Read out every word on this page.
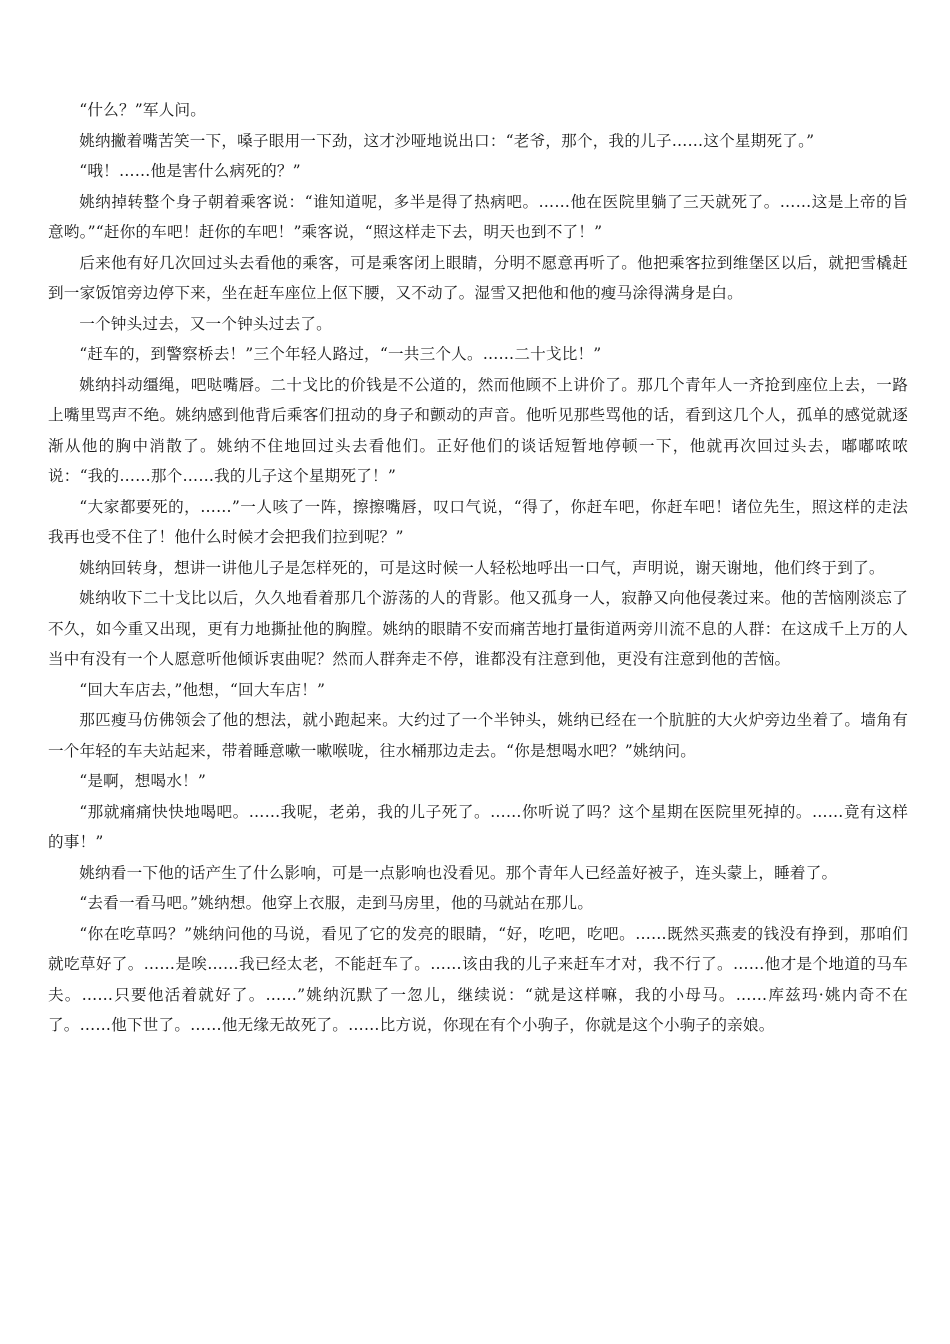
“什么？”军人问。

姚纳撇着嘴苦笑一下，嗓子眼用一下劲，这才沙哑地说出口：“老爷，那个，我的儿子……这个星期死了。”

“哦！……他是害什么病死的？”

姚纳掉转整个身子朝着乘客说：“谁知道呢，多半是得了热病吧。……他在医院里躺了三天就死了。……这是上帝的旨意哟。”“赶你的车吧！赶你的车吧！”乘客说，“照这样走下去，明天也到不了！”

后来他有好几次回过头去看他的乘客，可是乘客闭上眼睛，分明不愿意再听了。他把乘客拉到维堡区以后，就把雪橇赶到一家饭馆旁边停下来，坐在赶车座位上伛下腰，又不动了。湿雪又把他和他的瘦马涂得满身是白。

一个钟头过去，又一个钟头过去了。

“赶车的，到警察桥去！”三个年轻人路过，“一共三个人。……二十戈比！”

姚纳抖动缰绳，吧哒嘴唇。二十戈比的价钱是不公道的，然而他顾不上讲价了。那几个青年人一齐抢到座位上去，一路上嘴里骂声不绝。姚纳感到他背后乘客们扭动的身子和颤动的声音。他听见那些骂他的话，看到这几个人，孤单的感觉就逐渐从他的胸中消散了。姚纳不住地回过头去看他们。正好他们的谈话短暂地停顿一下，他就再次回过头去，嘟嘟哝哝说：“我的……那个……我的儿子这个星期死了！”

“大家都要死的，……”一人咳了一阵，擦擦嘴唇，叹口气说，“得了，你赶车吧，你赶车吧！诸位先生，照这样的走法我再也受不住了！他什么时候才会把我们拉到呢？”

姚纳回转身，想讲一讲他儿子是怎样死的，可是这时候一人轻松地呼出一口气，声明说，谢天谢地，他们终于到了。

姚纳收下二十戈比以后，久久地看着那几个游荡的人的背影。他又孤身一人，寂静又向他侵袭过来。他的苦恼刚淡忘了不久，如今重又出现，更有力地撕扯他的胸膛。姚纳的眼睛不安而痛苦地打量街道两旁川流不息的人群：在这成千上万的人当中有没有一个人愿意听他倾诉衷曲呢？然而人群奔走不停，谁都没有注意到他，更没有注意到他的苦恼。

“回大车店去，”他想，“回大车店！”

那匹瘦马仿佛领会了他的想法，就小跑起来。大约过了一个半钟头，姚纳已经在一个肮脏的大火炉旁边坐着了。墙角有一个年轻的车夫站起来，带着睡意嗽一嗽喉咙，往水桶那边走去。“你是想喝水吧？”姚纳问。

“是啊，想喝水！”

“那就痛痛快快地喝吧。……我呢，老弟，我的儿子死了。……你听说了吗？这个星期在医院里死掉的。……竟有这样的事！”

姚纳看一下他的话产生了什么影响，可是一点影响也没看见。那个青年人已经盖好被子，连头蒙上，睡着了。

“去看一看马吧。”姚纳想。他穿上衣服，走到马房里，他的马就站在那儿。

“你在吃草吗？”姚纳问他的马说，看见了它的发亮的眼睛，“好，吃吧，吃吧。……既然买燕麦的钱没有挣到，那咱们就吃草好了。……是唉……我已经太老，不能赶车了。……该由我的儿子来赶车才对，我不行了。……他才是个地道的马车夫。……只要他活着就好了。……”姚纳沉默了一忽儿，继续说：“就是这样嘛，我的小母马。……库兹玛·姚内奇不在了。……他下世了。……他无缘无故死了。……比方说，你现在有个小驹子，你就是这个小驹子的亲娘。
